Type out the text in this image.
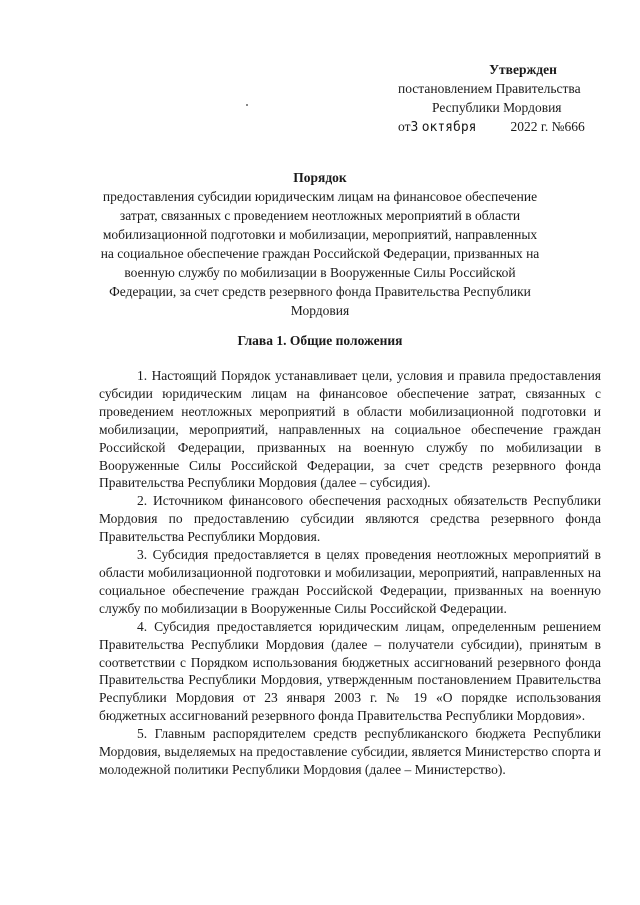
Утвержден
постановлением Правительства
Республики Мордовия
от3 октября	2022 г. №666
Порядок
предоставления субсидии юридическим лицам на финансовое обеспечение
затрат, связанных с проведением неотложных мероприятий в области
мобилизационной подготовки и мобилизации, мероприятий, направленных
на социальное обеспечение граждан Российской Федерации, призванных на
военную службу по мобилизации в Вооруженные Силы Российской
Федерации, за счет средств резервного фонда Правительства Республики
Мордовия
Глава 1. Общие положения

1. Настоящий Порядок устанавливает цели, условия и правила предоставления субсидии юридическим лицам на финансовое обеспечение затрат, связанных с проведением неотложных мероприятий в области мобилизационной подготовки и мобилизации, мероприятий, направленных на социальное обеспечение граждан Российской Федерации, призванных на военную службу по мобилизации в Вооруженные Силы Российской Федерации, за счет средств резервного фонда Правительства Республики Мордовия (далее – субсидия).

2. Источником финансового обеспечения расходных обязательств Республики Мордовия по предоставлению субсидии являются средства резервного фонда Правительства Республики Мордовия.

3. Субсидия предоставляется в целях проведения неотложных мероприятий в области мобилизационной подготовки и мобилизации, мероприятий, направленных на социальное обеспечение граждан Российской Федерации, призванных на военную службу по мобилизации в Вооруженные Силы Российской Федерации.

4. Субсидия предоставляется юридическим лицам, определенным решением Правительства Республики Мордовия (далее – получатели субсидии), принятым в соответствии с Порядком использования бюджетных ассигнований резервного фонда Правительства Республики Мордовия, утвержденным постановлением Правительства Республики Мордовия от 23 января 2003 г. № 19 «О порядке использования бюджетных ассигнований резервного фонда Правительства Республики Мордовия».

5. Главным распорядителем средств республиканского бюджета Республики Мордовия, выделяемых на предоставление субсидии, является Министерство спорта и молодежной политики Республики Мордовия (далее – Министерство).
